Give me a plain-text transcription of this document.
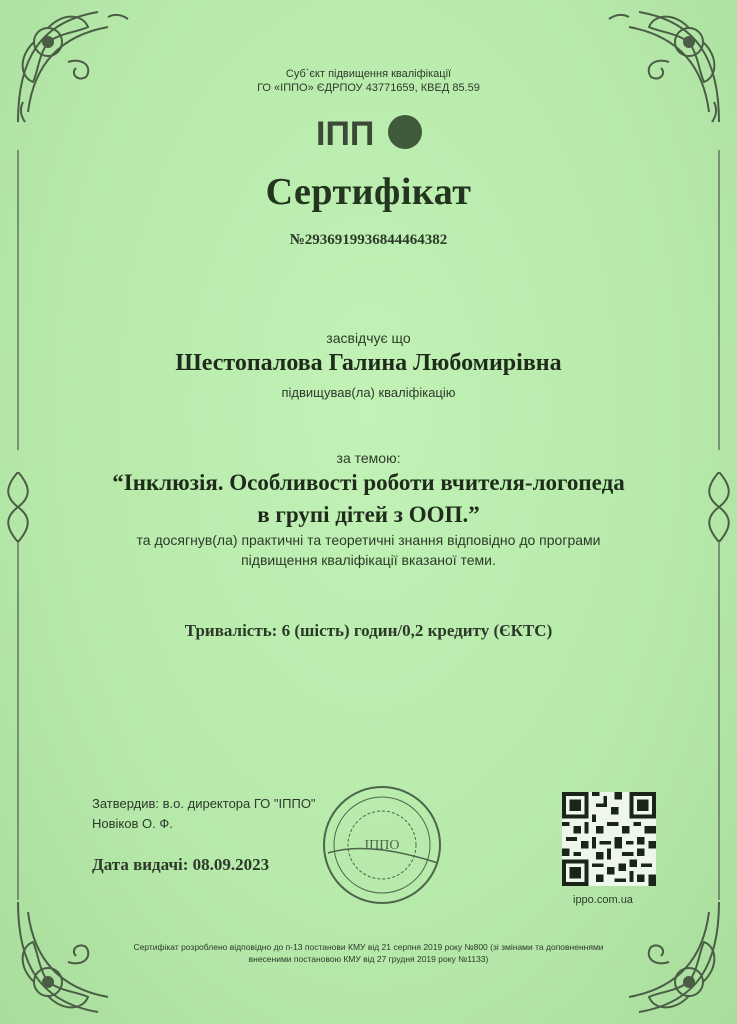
Суб`єкт підвищення кваліфікації
ГО «ІППО» ЄДРПОУ 43771659, КВЕД 85.59
ІПП
Сертифікат
№2936919936844464382
засвідчує що
Шестопалова Галина Любомирівна
підвищував(ла) кваліфікацію
за темою:
“Інклюзія. Особливості роботи вчителя-логопеда
в групі дітей з ООП.”
та досягнув(ла) практичні та теоретичні знання відповідно до програми
підвищення кваліфікації вказаної теми.
Тривалість: 6 (шість) годин/0,2 кредиту (ЄКТС)
Затвердив: в.о. директора ГО "ІППО"
Новіков О. Ф.
Дата видачі: 08.09.2023
ІППО
ippo.com.ua
Сертифікат розроблено відповідно до п-13 постанови КМУ від 21 серпня 2019 року №800 (зі змінами та доповненнями
внесеними постановою КМУ від 27 грудня 2019 року №1133)
